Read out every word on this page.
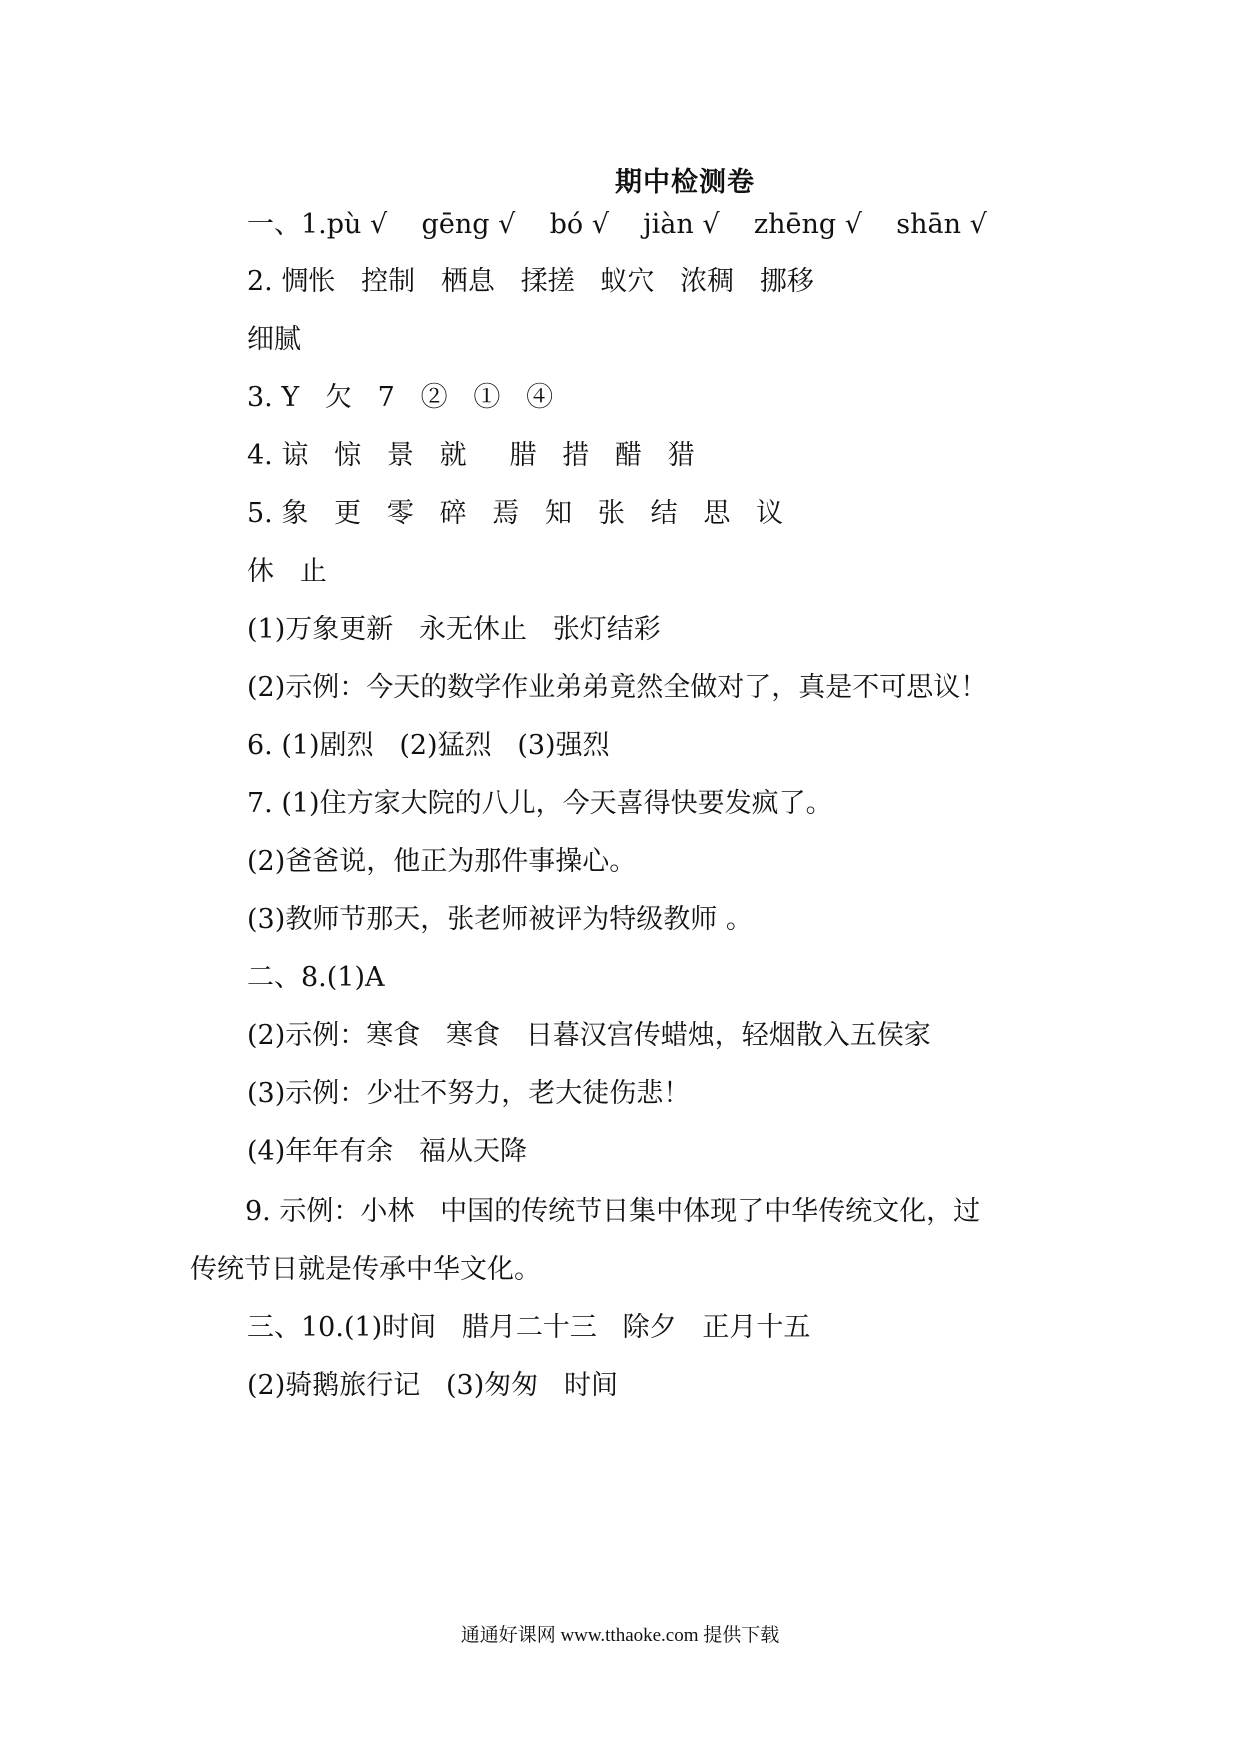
期中检测卷
一、1.pù √    gēng √    bó √    jiàn √    zhēng √    shān √
2. 惆怅   控制   栖息   揉搓   蚁穴   浓稠   挪移
细腻
3. Y   欠   7   ②   ①   ④
4. 谅   惊   景   就     腊   措   醋   猎
5. 象   更   零   碎   焉   知   张   结   思   议
休   止
(1)万象更新   永无休止   张灯结彩
(2)示例：今天的数学作业弟弟竟然全做对了，真是不可思议！
6. (1)剧烈   (2)猛烈   (3)强烈
7. (1)住方家大院的八儿，今天喜得快要发疯了。
(2)爸爸说，他正为那件事操心。
(3)教师节那天，张老师被评为特级教师 。
二、8.(1)A
(2)示例：寒食   寒食   日暮汉宫传蜡烛，轻烟散入五侯家
(3)示例：少壮不努力，老大徒伤悲！
(4)年年有余   福从天降
9. 示例：小林   中国的传统节日集中体现了中华传统文化，过
传统节日就是传承中华文化。
三、10.(1)时间   腊月二十三   除夕   正月十五
(2)骑鹅旅行记   (3)匆匆   时间
通通好课网 www.tthaoke.com 提供下载
